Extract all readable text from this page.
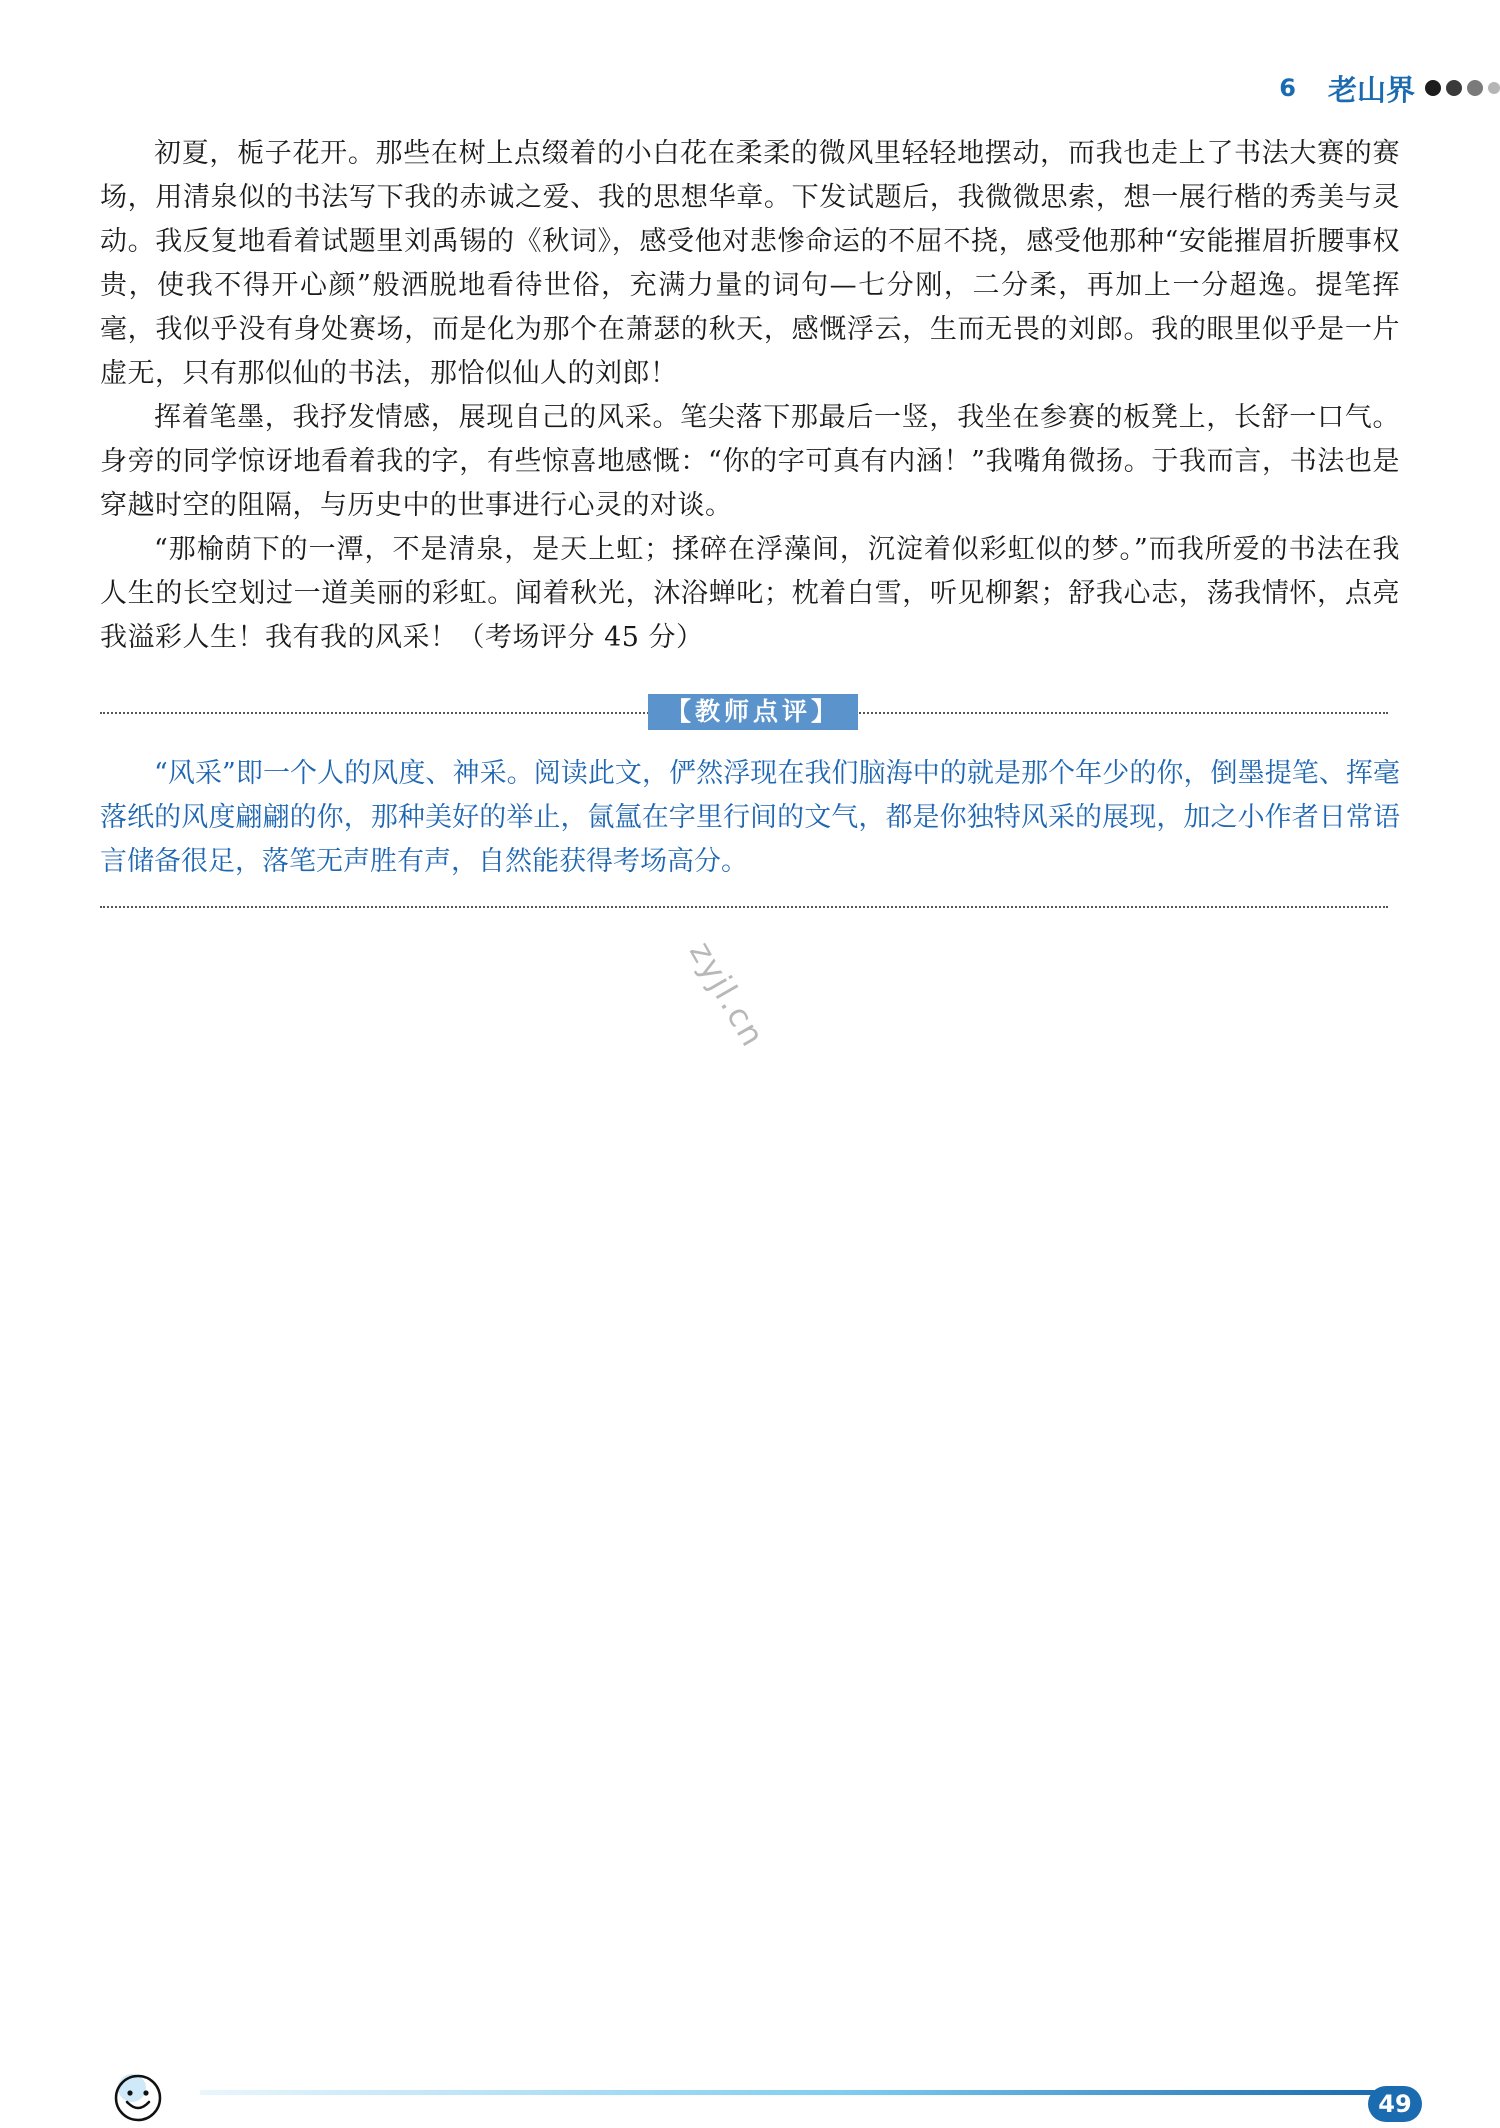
6 老山界

初夏，栀子花开。那些在树上点缀着的小白花在柔柔的微风里轻轻地摆动，而我也走上了书法大赛的赛场，用清泉似的书法写下我的赤诚之爱、我的思想华章。下发试题后，我微微思索，想一展行楷的秀美与灵动。我反复地看着试题里刘禹锡的《秋词》，感受他对悲惨命运的不屈不挠，感受他那种“安能摧眉折腰事权贵，使我不得开心颜”般洒脱地看待世俗，充满力量的词句—七分刚，二分柔，再加上一分超逸。提笔挥毫，我似乎没有身处赛场，而是化为那个在萧瑟的秋天，感慨浮云，生而无畏的刘郎。我的眼里似乎是一片虚无，只有那似仙的书法，那恰似仙人的刘郎！

挥着笔墨，我抒发情感，展现自己的风采。笔尖落下那最后一竖，我坐在参赛的板凳上，长舒一口气。身旁的同学惊讶地看着我的字，有些惊喜地感慨：“你的字可真有内涵！”我嘴角微扬。于我而言，书法也是穿越时空的阻隔，与历史中的世事进行心灵的对谈。

“那榆荫下的一潭，不是清泉，是天上虹；揉碎在浮藻间，沉淀着似彩虹似的梦。”而我所爱的书法在我人生的长空划过一道美丽的彩虹。闻着秋光，沐浴蝉叱；枕着白雪，听见柳絮；舒我心志，荡我情怀，点亮我溢彩人生！我有我的风采！（考场评分 45 分）

【教师点评】

“风采”即一个人的风度、神采。阅读此文，俨然浮现在我们脑海中的就是那个年少的你，倒墨提笔、挥毫落纸的风度翩翩的你，那种美好的举止，氤氲在字里行间的文气，都是你独特风采的展现，加之小作者日常语言储备很足，落笔无声胜有声，自然能获得考场高分。

zyjl.cn
49
